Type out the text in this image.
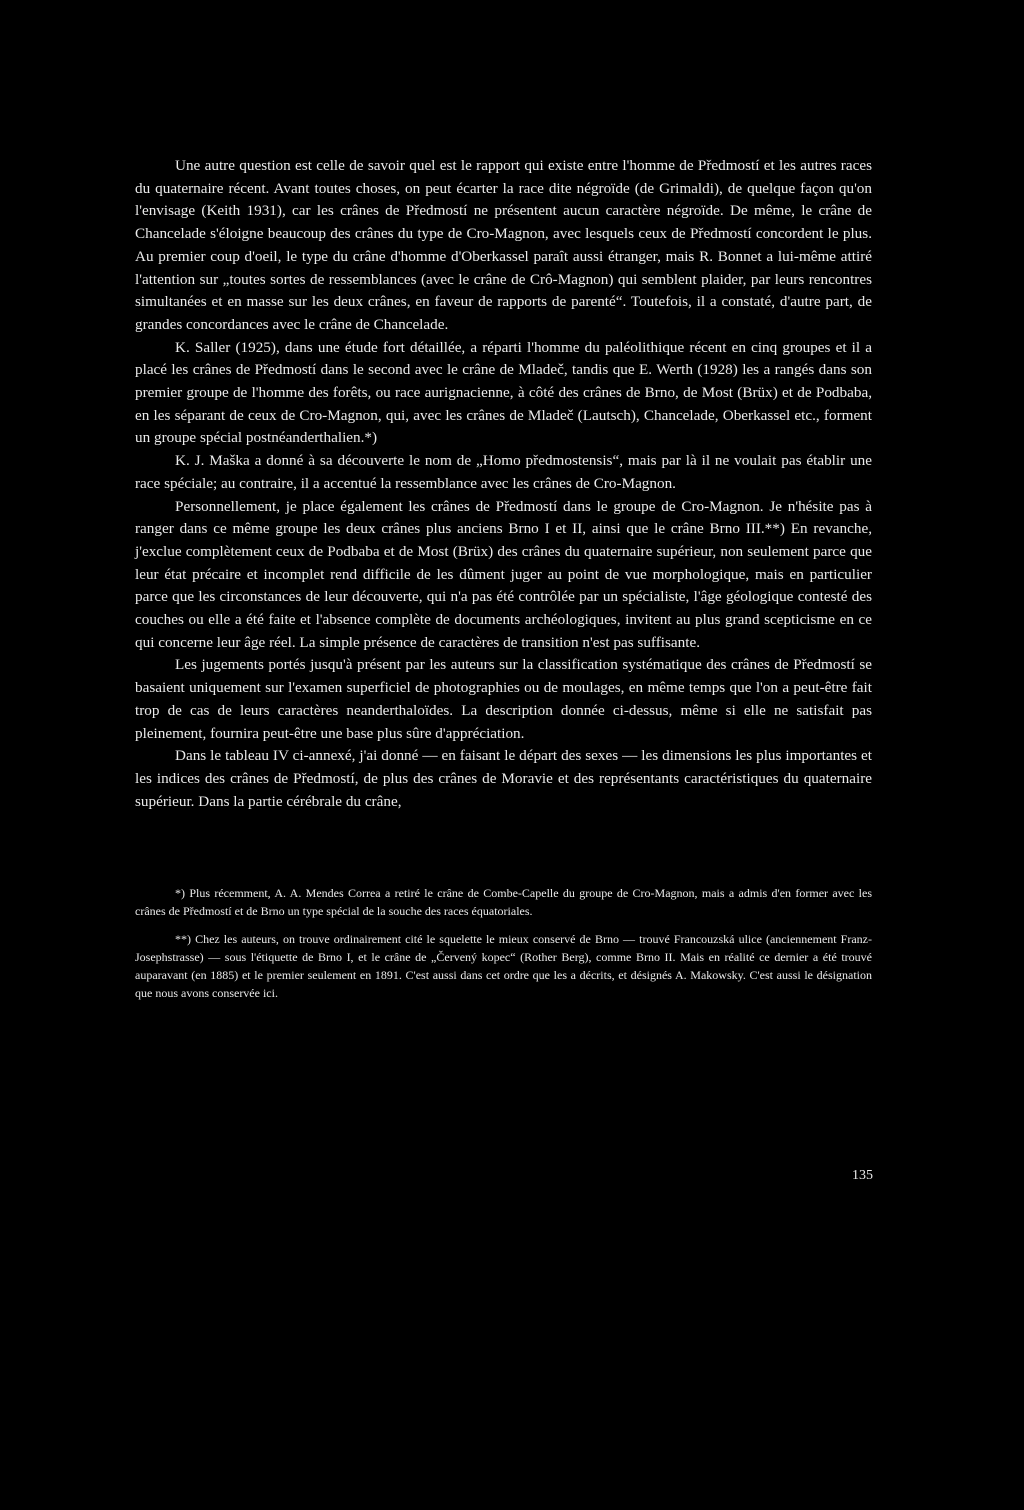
Une autre question est celle de savoir quel est le rapport qui existe entre l'homme de Předmostí et les autres races du quaternaire récent. Avant toutes choses, on peut écarter la race dite négroïde (de Grimaldi), de quelque façon qu'on l'envisage (Keith 1931), car les crânes de Předmostí ne présentent aucun caractère négroïde. De même, le crâne de Chancelade s'éloigne beaucoup des crânes du type de Cro-Magnon, avec lesquels ceux de Předmostí concordent le plus. Au premier coup d'oeil, le type du crâne d'homme d'Oberkassel paraît aussi étranger, mais R. Bonnet a lui-même attiré l'attention sur „toutes sortes de ressemblances (avec le crâne de Crô-Magnon) qui semblent plaider, par leurs rencontres simultanées et en masse sur les deux crânes, en faveur de rapports de parenté“. Toutefois, il a constaté, d'autre part, de grandes concordances avec le crâne de Chancelade.

K. Saller (1925), dans une étude fort détaillée, a réparti l'homme du paléolithique récent en cinq groupes et il a placé les crânes de Předmostí dans le second avec le crâne de Mladeč, tandis que E. Werth (1928) les a rangés dans son premier groupe de l'homme des forêts, ou race aurignacienne, à côté des crânes de Brno, de Most (Brüx) et de Podbaba, en les séparant de ceux de Cro-Magnon, qui, avec les crânes de Mladeč (Lautsch), Chancelade, Oberkassel etc., forment un groupe spécial postnéanderthalien.*)

K. J. Maška a donné à sa découverte le nom de „Homo předmostensis“, mais par là il ne voulait pas établir une race spéciale; au contraire, il a accentué la ressemblance avec les crânes de Cro-Magnon.

Personnellement, je place également les crânes de Předmostí dans le groupe de Cro-Magnon. Je n'hésite pas à ranger dans ce même groupe les deux crânes plus anciens Brno I et II, ainsi que le crâne Brno III.**) En revanche, j'exclue complètement ceux de Podbaba et de Most (Brüx) des crânes du quaternaire supérieur, non seulement parce que leur état précaire et incomplet rend difficile de les dûment juger au point de vue morphologique, mais en particulier parce que les circonstances de leur découverte, qui n'a pas été contrôlée par un spécialiste, l'âge géologique contesté des couches ou elle a été faite et l'absence complète de documents archéologiques, invitent au plus grand scepticisme en ce qui concerne leur âge réel. La simple présence de caractères de transition n'est pas suffisante.

Les jugements portés jusqu'à présent par les auteurs sur la classification systématique des crânes de Předmostí se basaient uniquement sur l'examen superficiel de photographies ou de moulages, en même temps que l'on a peut-être fait trop de cas de leurs caractères neanderthaloïdes. La description donnée ci-dessus, même si elle ne satisfait pas pleinement, fournira peut-être une base plus sûre d'appréciation.

Dans le tableau IV ci-annexé, j'ai donné — en faisant le départ des sexes — les dimensions les plus importantes et les indices des crânes de Předmostí, de plus des crânes de Moravie et des représentants caractéristiques du quaternaire supérieur. Dans la partie cérébrale du crâne,

*) Plus récemment, A. A. Mendes Correa a retiré le crâne de Combe-Capelle du groupe de Cro-Magnon, mais a admis d'en former avec les crânes de Předmostí et de Brno un type spécial de la souche des races équatoriales.

**) Chez les auteurs, on trouve ordinairement cité le squelette le mieux conservé de Brno — trouvé Francouzská ulice (anciennement Franz-Josephstrasse) — sous l'étiquette de Brno I, et le crâne de „Červený kopec“ (Rother Berg), comme Brno II. Mais en réalité ce dernier a été trouvé auparavant (en 1885) et le premier seulement en 1891. C'est aussi dans cet ordre que les a décrits, et désignés A. Makowsky. C'est aussi le désignation que nous avons conservée ici.

135
